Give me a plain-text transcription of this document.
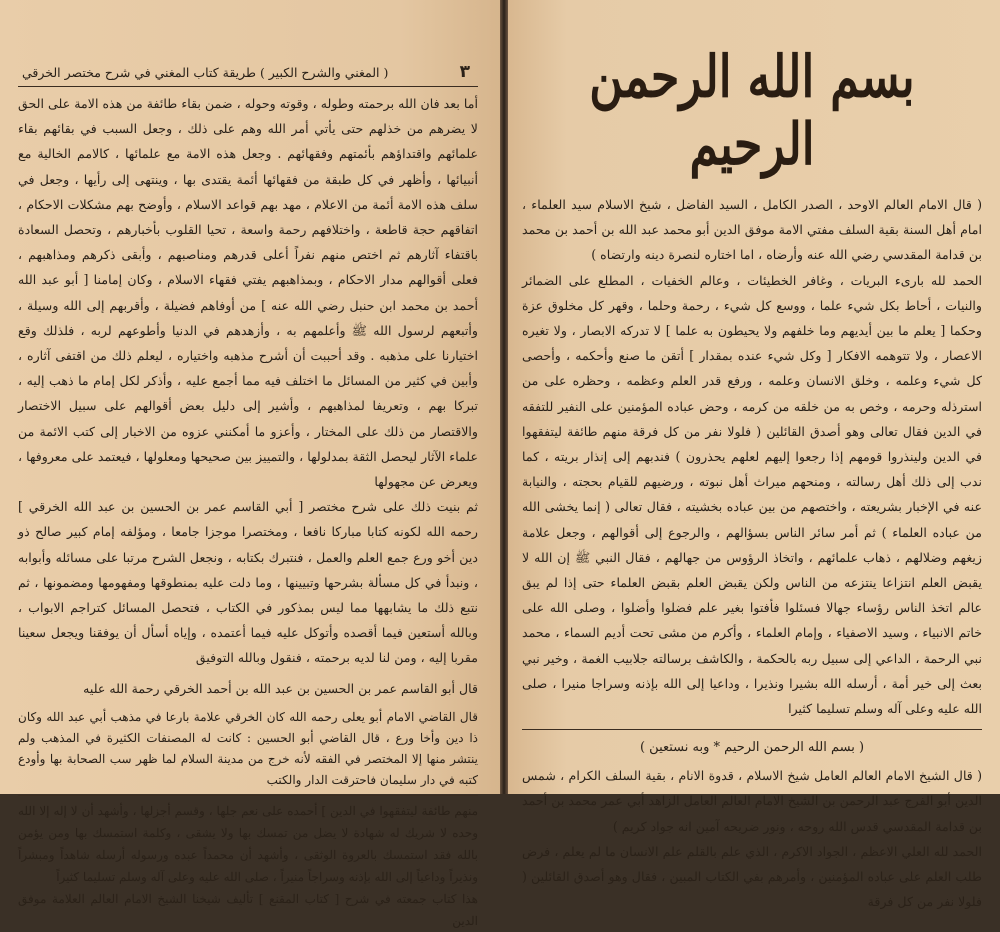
٣
( المغني والشرح الكبير ) طريقة كتاب المغني في شرح مختصر الخرقي

أما بعد فان الله برحمته وطوله ، وقوته وحوله ، ضمن بقاء طائفة من هذه الامة على الحق لا يضرهم من خذلهم حتى يأتي أمر الله وهم على ذلك ، وجعل السبب في بقائهم بقاء علمائهم واقتداؤهم بأئمتهم وفقهائهم . وجعل هذه الامة مع علمائها ، كالامم الخالية مع أنبيائها ، وأظهر في كل طبقة من فقهائها أئمة يقتدى بها ، وينتهى إلى رأيها ، وجعل في سلف هذه الامة أئمة من الاعلام ، مهد بهم قواعد الاسلام ، وأوضح بهم مشكلات الاحكام ، اتفاقهم حجة قاطعة ، واختلافهم رحمة واسعة ، تحيا القلوب بأخبارهم ، وتحصل السعادة باقتفاء آثارهم ثم اختص منهم نفراً أعلى قدرهم ومناصبهم ، وأبقى ذكرهم ومذاهبهم ، فعلى أقوالهم مدار الاحكام ، وبمذاهبهم يفتي فقهاء الاسلام ، وكان إمامنا [ أبو عبد الله أحمد بن محمد ابن حنبل رضي الله عنه ] من أوفاهم فضيلة ، وأقربهم إلى الله وسيلة ، وأتبعهم لرسول الله ﷺ وأعلمهم به ، وأزهدهم في الدنيا وأطوعهم لربه ، فلذلك وقع اختيارنا على مذهبه . وقد أحببت أن أشرح مذهبه واختياره ، ليعلم ذلك من اقتفى آثاره ، وأبين في كثير من المسائل ما اختلف فيه مما أجمع عليه ، وأذكر لكل إمام ما ذهب إليه ، تبركا بهم ، وتعريفا لمذاهبهم ، وأشير إلى دليل بعض أقوالهم على سبيل الاختصار والاقتصار من ذلك على المختار ، وأعزو ما أمكنني عزوه من الاخبار إلى كتب الائمة من علماء الآثار ليحصل الثقة بمدلولها ، والتمييز بين صحيحها ومعلولها ، فيعتمد على معروفها ، ويعرض عن مجهولها

ثم بنيت ذلك على شرح مختصر [ أبي القاسم عمر بن الحسين بن عبد الله الخرقي ] رحمه الله لكونه كتابا مباركا نافعا ، ومختصرا موجزا جامعا ، ومؤلفه إمام كبير صالح ذو دين أخو ورع جمع العلم والعمل ، فنتبرك بكتابه ، ونجعل الشرح مرتبا على مسائله وأبوابه ، ونبدأ في كل مسألة بشرحها وتبيينها ، وما دلت عليه بمنطوقها ومفهومها ومضمونها ، ثم نتبع ذلك ما يشابهها مما ليس بمذكور في الكتاب ، فتحصل المسائل كتراجم الابواب ، وبالله أستعين فيما أقصده وأتوكل عليه فيما أعتمده ، وإياه أسأل أن يوفقنا ويجعل سعينا مقربا إليه ، ومن لنا لديه برحمته ، فنقول وبالله التوفيق

قال أبو القاسم عمر بن الحسين بن عبد الله بن أحمد الخرقي رحمة الله عليه

قال القاضي الامام أبو يعلى رحمه الله كان الخرقي علامة بارعا في مذهب أبي عبد الله وكان ذا دين وأخا ورع ، قال القاضي أبو الحسين : كانت له المصنفات الكثيرة في المذهب ولم ينتشر منها إلا المختصر في الفقه لأنه خرج من مدينة السلام لما ظهر سب الصحابة بها وأودع كتبه في دار سليمان فاحترقت الدار والكتب

منهم طائفة ليتفقهوا في الدين ] أحمده على نعم جلها ، وقسم أجزلها ، وأشهد أن لا إله إلا الله وحده لا شريك له شهادة لا يضل من تمسك بها ولا يشقى ، وكلمة استمسك بها ومن يؤمن بالله فقد استمسك بالعروة الوثقى ، وأشهد أن محمداً عبده ورسوله أرسله شاهداً ومبشراً ونذيراً وداعياً إلى الله بإذنه وسراجاً منيراً ، صلى الله عليه وعلى آله وسلم تسليما كثيراً

هذا كتاب جمعته في شرح [ كتاب المقنع ] تأليف شيخنا الشيخ الامام العالم العلامة موفق الدين

بسم الله الرحمن الرحيم

( قال الامام العالم الاوحد ، الصدر الكامل ، السيد الفاضل ، شيخ الاسلام سيد العلماء ، امام أهل السنة بقية السلف مفتي الامة موفق الدين أبو محمد عبد الله بن أحمد بن محمد بن قدامة المقدسي رضي الله عنه وأرضاه ، اما اختاره لنصرة دينه وارتضاه )

الحمد لله بارىء البريات ، وغافر الخطيئات ، وعالم الخفيات ، المطلع على الضمائر والنيات ، أحاط بكل شيء علما ، ووسع كل شيء ، رحمة وحلما ، وقهر كل مخلوق عزة وحكما [ يعلم ما بين أيديهم وما خلفهم ولا يحيطون به علما ] لا تدركه الابصار ، ولا تغيره الاعصار ، ولا تتوهمه الافكار [ وكل شيء عنده بمقدار ] أتقن ما صنع وأحكمه ، وأحصى كل شيء وعلمه ، وخلق الانسان وعلمه ، ورفع قدر العلم وعظمه ، وحظره على من استرذله وحرمه ، وخص به من خلقه من كرمه ، وحض عباده المؤمنين على النفير للتفقه في الدين فقال تعالى وهو أصدق القائلين ( فلولا نفر من كل فرقة منهم طائفة ليتفقهوا في الدين ولينذروا قومهم إذا رجعوا إليهم لعلهم يحذرون ) فندبهم إلى إنذار بريته ، كما ندب إلى ذلك أهل رسالته ، ومنحهم ميراث أهل نبوته ، ورضيهم للقيام بحجته ، والنيابة عنه في الإخبار بشريعته ، واختصهم من بين عباده بخشيته ، فقال تعالى ( إنما يخشى الله من عباده العلماء ) ثم أمر سائر الناس بسؤالهم ، والرجوع إلى أقوالهم ، وجعل علامة زيغهم وضلالهم ، ذهاب علمائهم ، واتخاذ الرؤوس من جهالهم ، فقال النبي ﷺ إن الله لا يقبض العلم انتزاعا ينتزعه من الناس ولكن يقبض العلم بقبض العلماء حتى إذا لم يبق عالم اتخذ الناس رؤساء جهالا فسئلوا فأفتوا بغير علم فضلوا وأضلوا ، وصلى الله على خاتم الانبياء ، وسيد الاصفياء ، وإمام العلماء ، وأكرم من مشى تحت أديم السماء ، محمد نبي الرحمة ، الداعي إلى سبيل ربه بالحكمة ، والكاشف برسالته جلابيب الغمة ، وخير نبي بعث إلى خير أمة ، أرسله الله بشيرا ونذيرا ، وداعيا إلى الله بإذنه وسراجا منيرا ، صلى الله عليه وعلى آله وسلم تسليما كثيرا

( بسم الله الرحمن الرحيم * وبه نستعين )

( قال الشيخ الامام العالم العامل شيخ الاسلام ، قدوة الانام ، بقية السلف الكرام ، شمس الدين أبو الفرج عبد الرحمن بن الشيخ الامام العالم العامل الزاهد أبي عمر محمد بن أحمد بن قدامة المقدسي قدس الله روحه ، ونور ضريحه آمين انه جواد كريم )

الحمد لله العلي الاعظم ، الجواد الاكرم ، الذي علم بالقلم علم الانسان ما لم يعلم ، فرض طلب العلم على عباده المؤمنين ، وأمرهم بفي الكتاب المبين ، فقال وهو أصدق القائلين ( فلولا نفر من كل فرقة
